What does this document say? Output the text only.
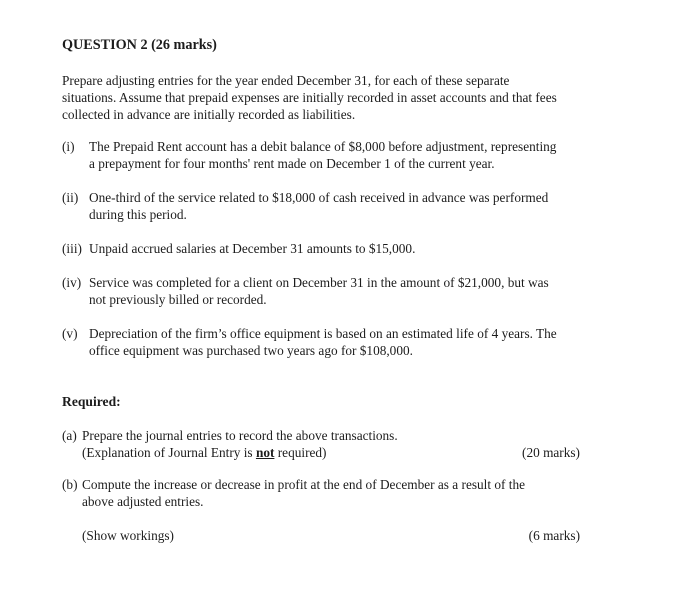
QUESTION 2 (26 marks)

Prepare adjusting entries for the year ended December 31, for each of these separate
situations. Assume that prepaid expenses are initially recorded in asset accounts and that fees
collected in advance are initially recorded as liabilities.

(i) The Prepaid Rent account has a debit balance of $8,000 before adjustment, representing
a prepayment for four months' rent made on December 1 of the current year.
(ii) One-third of the service related to $18,000 of cash received in advance was performed
during this period.
(iii) Unpaid accrued salaries at December 31 amounts to $15,000.
(iv) Service was completed for a client on December 31 in the amount of $21,000, but was
not previously billed or recorded.
(v) Depreciation of the firm’s office equipment is based on an estimated life of 4 years. The
office equipment was purchased two years ago for $108,000.
Required:
(a) Prepare the journal entries to record the above transactions.
(Explanation of Journal Entry is not required)	(20 marks)
(b) Compute the increase or decrease in profit at the end of December as a result of the
above adjusted entries.
(Show workings)	(6 marks)
